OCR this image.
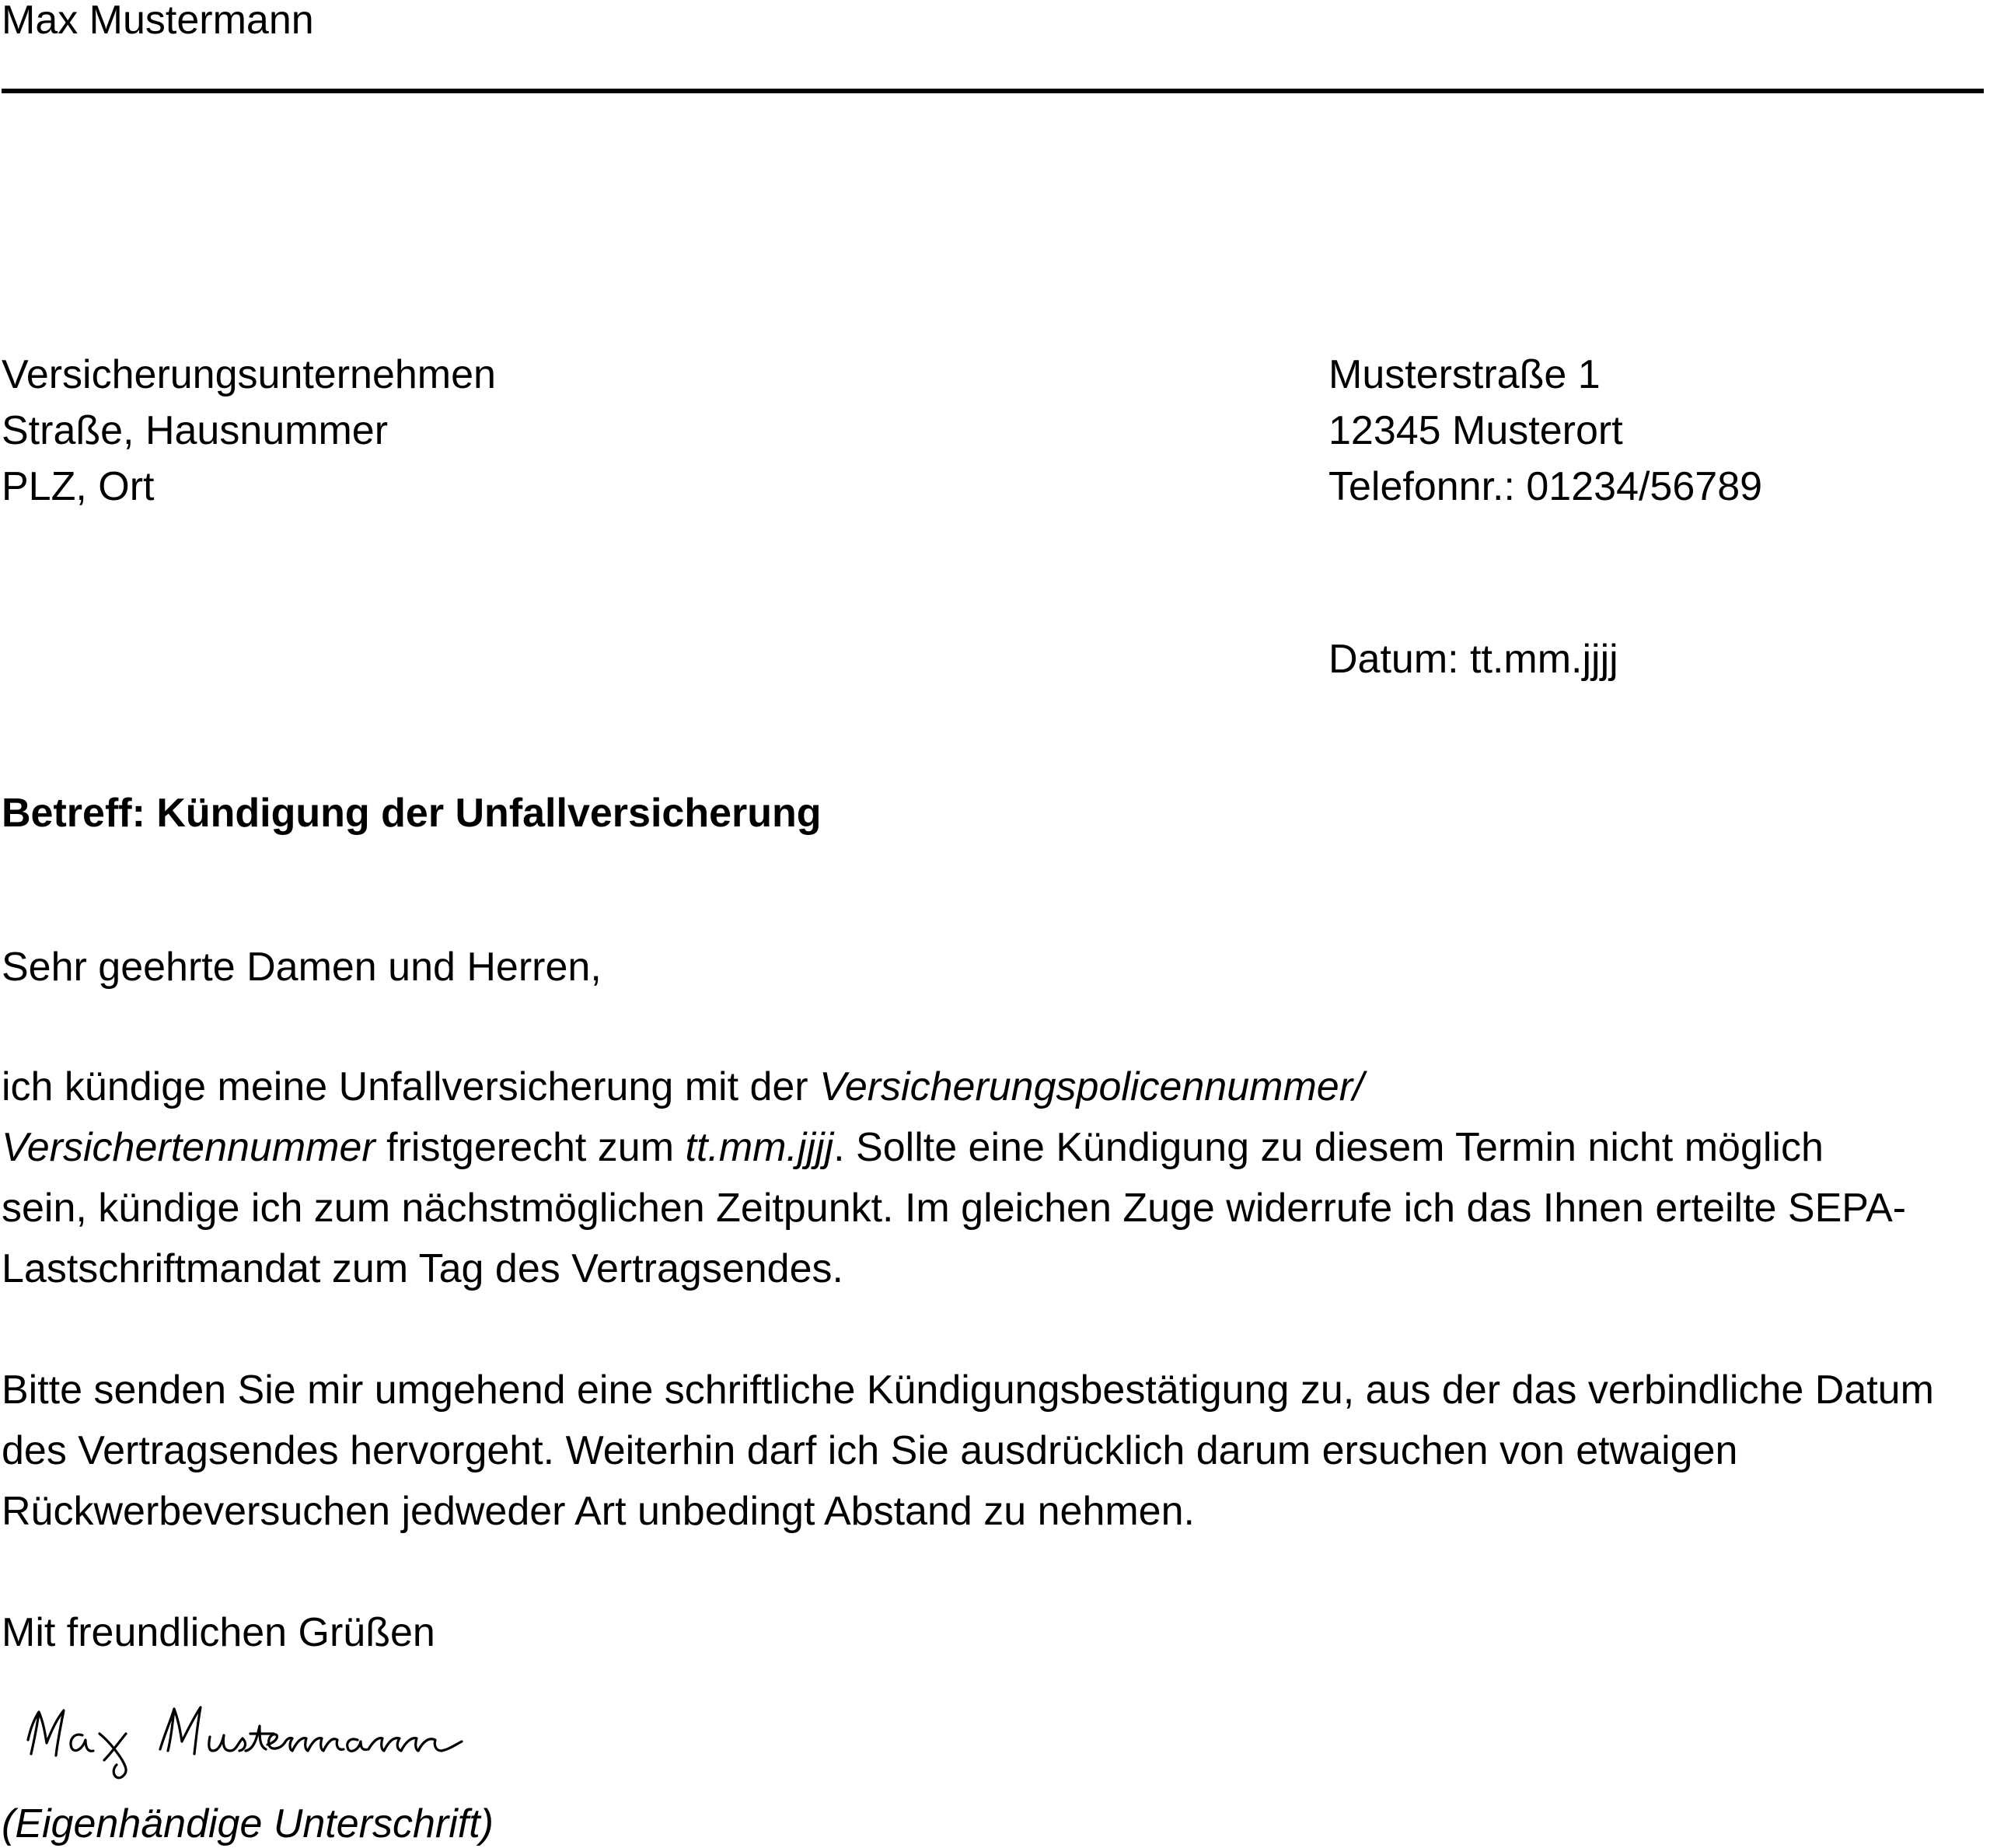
Max Mustermann
Versicherungsunternehmen
Straße, Hausnummer
PLZ, Ort
Musterstraße 1
12345 Musterort
Telefonnr.: 01234/56789
Datum: tt.mm.jjjj
Betreff: Kündigung der Unfallversicherung
Sehr geehrte Damen und Herren,
ich kündige meine Unfallversicherung mit der Versicherungspolicennummer/
Versichertennummer fristgerecht zum tt.mm.jjjj. Sollte eine Kündigung zu diesem Termin nicht möglich
sein, kündige ich zum nächstmöglichen Zeitpunkt. Im gleichen Zuge widerrufe ich das Ihnen erteilte SEPA-
Lastschriftmandat zum Tag des Vertragsendes.
Bitte senden Sie mir umgehend eine schriftliche Kündigungsbestätigung zu, aus der das verbindliche Datum
des Vertragsendes hervorgeht. Weiterhin darf ich Sie ausdrücklich darum ersuchen von etwaigen
Rückwerbeversuchen jedweder Art unbedingt Abstand zu nehmen.
Mit freundlichen Grüßen
(Eigenhändige Unterschrift)
